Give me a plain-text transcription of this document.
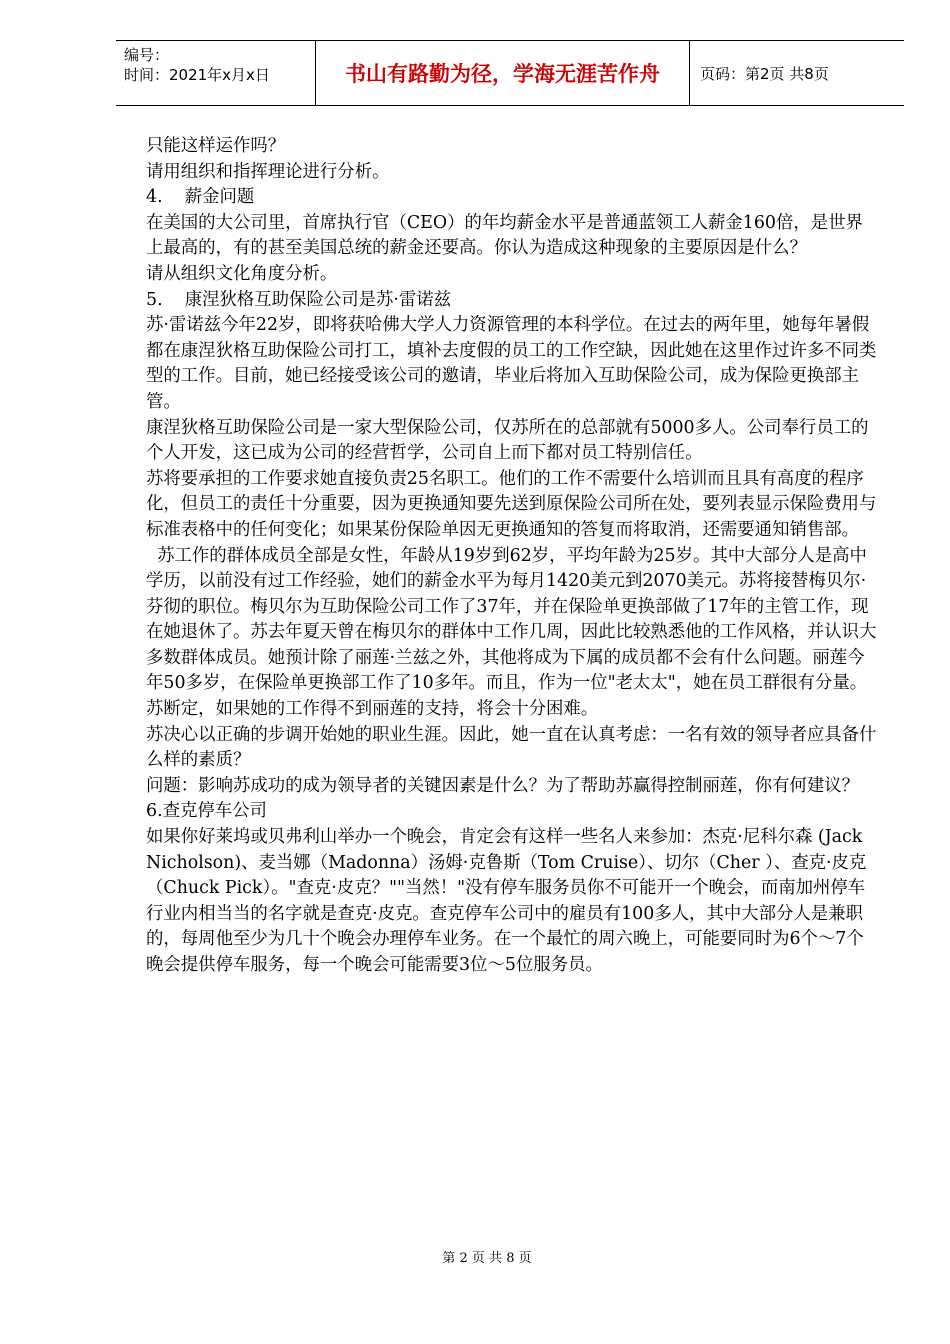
编号：
时间：2021年x月x日	书山有路勤为径，学海无涯苦作舟	页码：第2页 共8页

只能这样运作吗？

请用组织和指挥理论进行分析。

4.    薪金问题

在美国的大公司里，首席执行官（CEO）的年均薪金水平是普通蓝领工人薪金160倍，是世界上最高的，有的甚至美国总统的薪金还要高。你认为造成这种现象的主要原因是什么？

请从组织文化角度分析。

5.    康涅狄格互助保险公司是苏·雷诺兹

苏·雷诺兹今年22岁，即将获哈佛大学人力资源管理的本科学位。在过去的两年里，她每年暑假都在康涅狄格互助保险公司打工，填补去度假的员工的工作空缺，因此她在这里作过许多不同类型的工作。目前，她已经接受该公司的邀请，毕业后将加入互助保险公司，成为保险更换部主管。

康涅狄格互助保险公司是一家大型保险公司，仅苏所在的总部就有5000多人。公司奉行员工的个人开发，这已成为公司的经营哲学，公司自上而下都对员工特别信任。

苏将要承担的工作要求她直接负责25名职工。他们的工作不需要什么培训而且具有高度的程序化，但员工的责任十分重要，因为更换通知要先送到原保险公司所在处，要列表显示保险费用与标准表格中的任何变化；如果某份保险单因无更换通知的答复而将取消，还需要通知销售部。

苏工作的群体成员全部是女性，年龄从19岁到62岁，平均年龄为25岁。其中大部分人是高中学历，以前没有过工作经验，她们的薪金水平为每月1420美元到2070美元。苏将接替梅贝尔·芬彻的职位。梅贝尔为互助保险公司工作了37年，并在保险单更换部做了17年的主管工作，现在她退休了。苏去年夏天曾在梅贝尔的群体中工作几周，因此比较熟悉他的工作风格，并认识大多数群体成员。她预计除了丽莲·兰兹之外，其他将成为下属的成员都不会有什么问题。丽莲今年50多岁，在保险单更换部工作了10多年。而且，作为一位"老太太"，她在员工群很有分量。苏断定，如果她的工作得不到丽莲的支持，将会十分困难。

苏决心以正确的步调开始她的职业生涯。因此，她一直在认真考虑：一名有效的领导者应具备什么样的素质？

问题：影响苏成功的成为领导者的关键因素是什么？为了帮助苏赢得控制丽莲，你有何建议？

6.查克停车公司

如果你好莱坞或贝弗利山举办一个晚会，肯定会有这样一些名人来参加：杰克·尼科尔森 (Jack Nicholson)、麦当娜（Madonna）汤姆·克鲁斯（Tom Cruise）、切尔（Cher ）、查克·皮克（Chuck Pick）。"查克·皮克？""当然！"没有停车服务员你不可能开一个晚会，而南加州停车行业内相当当的名字就是查克·皮克。查克停车公司中的雇员有100多人，其中大部分人是兼职的，每周他至少为几十个晚会办理停车业务。在一个最忙的周六晚上，可能要同时为6个～7个晚会提供停车服务，每一个晚会可能需要3位～5位服务员。

第 2 页 共 8 页
